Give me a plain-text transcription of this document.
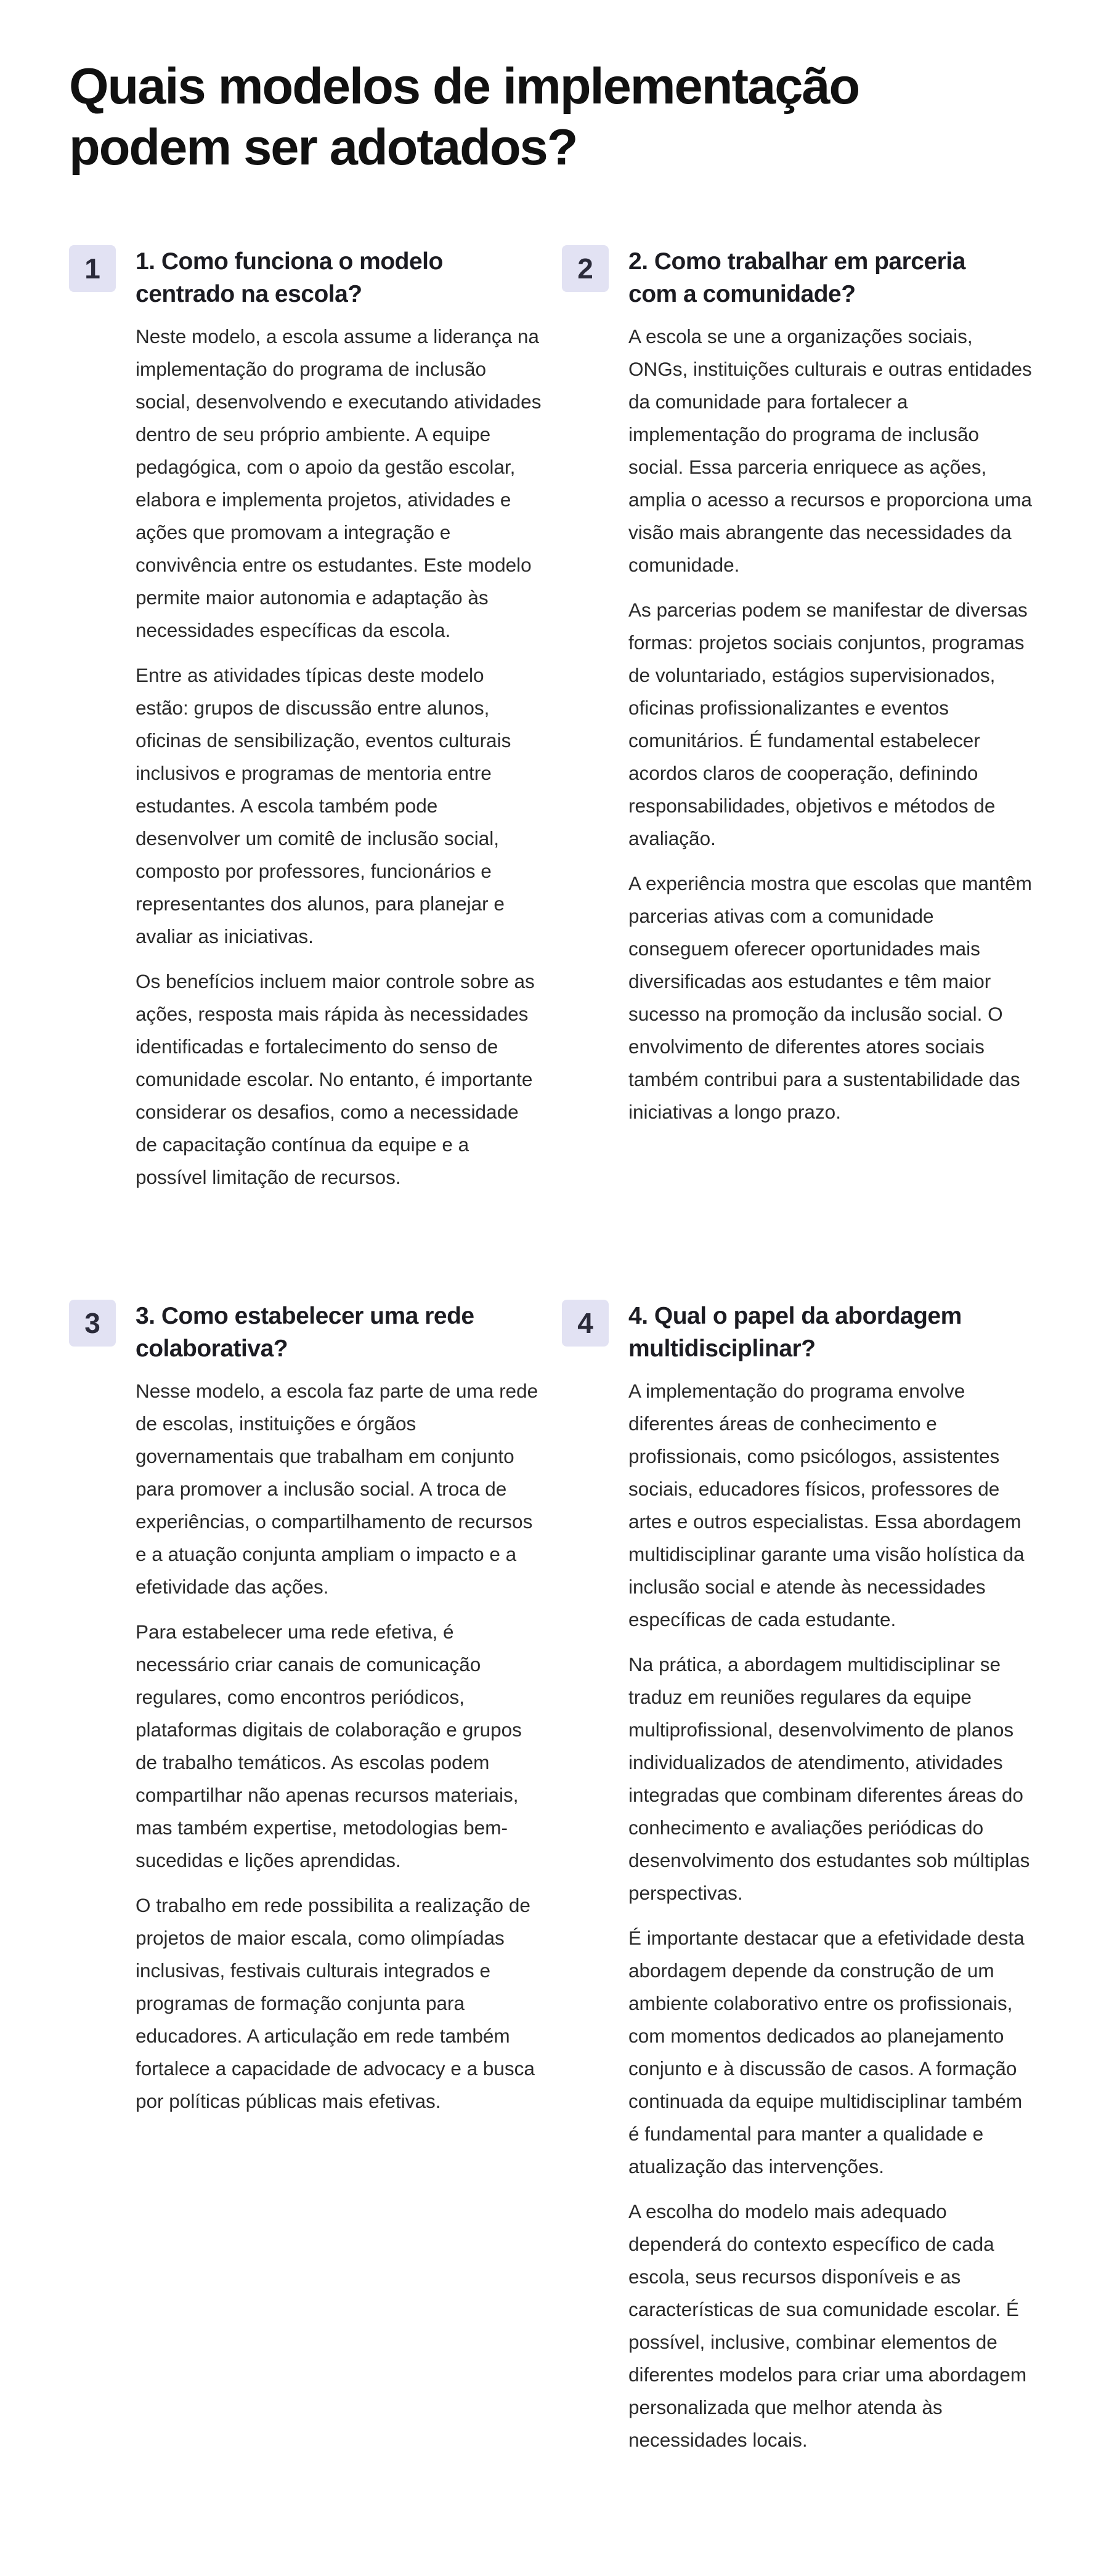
Quais modelos de implementação podem ser adotados?
1	1. Como funciona o modelo centrado na escola?

Neste modelo, a escola assume a liderança na implementação do programa de inclusão social, desenvolvendo e executando atividades dentro de seu próprio ambiente. A equipe pedagógica, com o apoio da gestão escolar, elabora e implementa projetos, atividades e ações que promovam a integração e convivência entre os estudantes. Este modelo permite maior autonomia e adaptação às necessidades específicas da escola.

Entre as atividades típicas deste modelo estão: grupos de discussão entre alunos, oficinas de sensibilização, eventos culturais inclusivos e programas de mentoria entre estudantes. A escola também pode desenvolver um comitê de inclusão social, composto por professores, funcionários e representantes dos alunos, para planejar e avaliar as iniciativas.

Os benefícios incluem maior controle sobre as ações, resposta mais rápida às necessidades identificadas e fortalecimento do senso de comunidade escolar. No entanto, é importante considerar os desafios, como a necessidade de capacitação contínua da equipe e a possível limitação de recursos.

2	2. Como trabalhar em parceria com a comunidade?

A escola se une a organizações sociais, ONGs, instituições culturais e outras entidades da comunidade para fortalecer a implementação do programa de inclusão social. Essa parceria enriquece as ações, amplia o acesso a recursos e proporciona uma visão mais abrangente das necessidades da comunidade.

As parcerias podem se manifestar de diversas formas: projetos sociais conjuntos, programas de voluntariado, estágios supervisionados, oficinas profissionalizantes e eventos comunitários. É fundamental estabelecer acordos claros de cooperação, definindo responsabilidades, objetivos e métodos de avaliação.

A experiência mostra que escolas que mantêm parcerias ativas com a comunidade conseguem oferecer oportunidades mais diversificadas aos estudantes e têm maior sucesso na promoção da inclusão social. O envolvimento de diferentes atores sociais também contribui para a sustentabilidade das iniciativas a longo prazo.

3	3. Como estabelecer uma rede colaborativa?

Nesse modelo, a escola faz parte de uma rede de escolas, instituições e órgãos governamentais que trabalham em conjunto para promover a inclusão social. A troca de experiências, o compartilhamento de recursos e a atuação conjunta ampliam o impacto e a efetividade das ações.

Para estabelecer uma rede efetiva, é necessário criar canais de comunicação regulares, como encontros periódicos, plataformas digitais de colaboração e grupos de trabalho temáticos. As escolas podem compartilhar não apenas recursos materiais, mas também expertise, metodologias bem-sucedidas e lições aprendidas.

O trabalho em rede possibilita a realização de projetos de maior escala, como olimpíadas inclusivas, festivais culturais integrados e programas de formação conjunta para educadores. A articulação em rede também fortalece a capacidade de advocacy e a busca por políticas públicas mais efetivas.

4	4. Qual o papel da abordagem multidisciplinar?

A implementação do programa envolve diferentes áreas de conhecimento e profissionais, como psicólogos, assistentes sociais, educadores físicos, professores de artes e outros especialistas. Essa abordagem multidisciplinar garante uma visão holística da inclusão social e atende às necessidades específicas de cada estudante.

Na prática, a abordagem multidisciplinar se traduz em reuniões regulares da equipe multiprofissional, desenvolvimento de planos individualizados de atendimento, atividades integradas que combinam diferentes áreas do conhecimento e avaliações periódicas do desenvolvimento dos estudantes sob múltiplas perspectivas.

É importante destacar que a efetividade desta abordagem depende da construção de um ambiente colaborativo entre os profissionais, com momentos dedicados ao planejamento conjunto e à discussão de casos. A formação continuada da equipe multidisciplinar também é fundamental para manter a qualidade e atualização das intervenções.

A escolha do modelo mais adequado dependerá do contexto específico de cada escola, seus recursos disponíveis e as características de sua comunidade escolar. É possível, inclusive, combinar elementos de diferentes modelos para criar uma abordagem personalizada que melhor atenda às necessidades locais.
